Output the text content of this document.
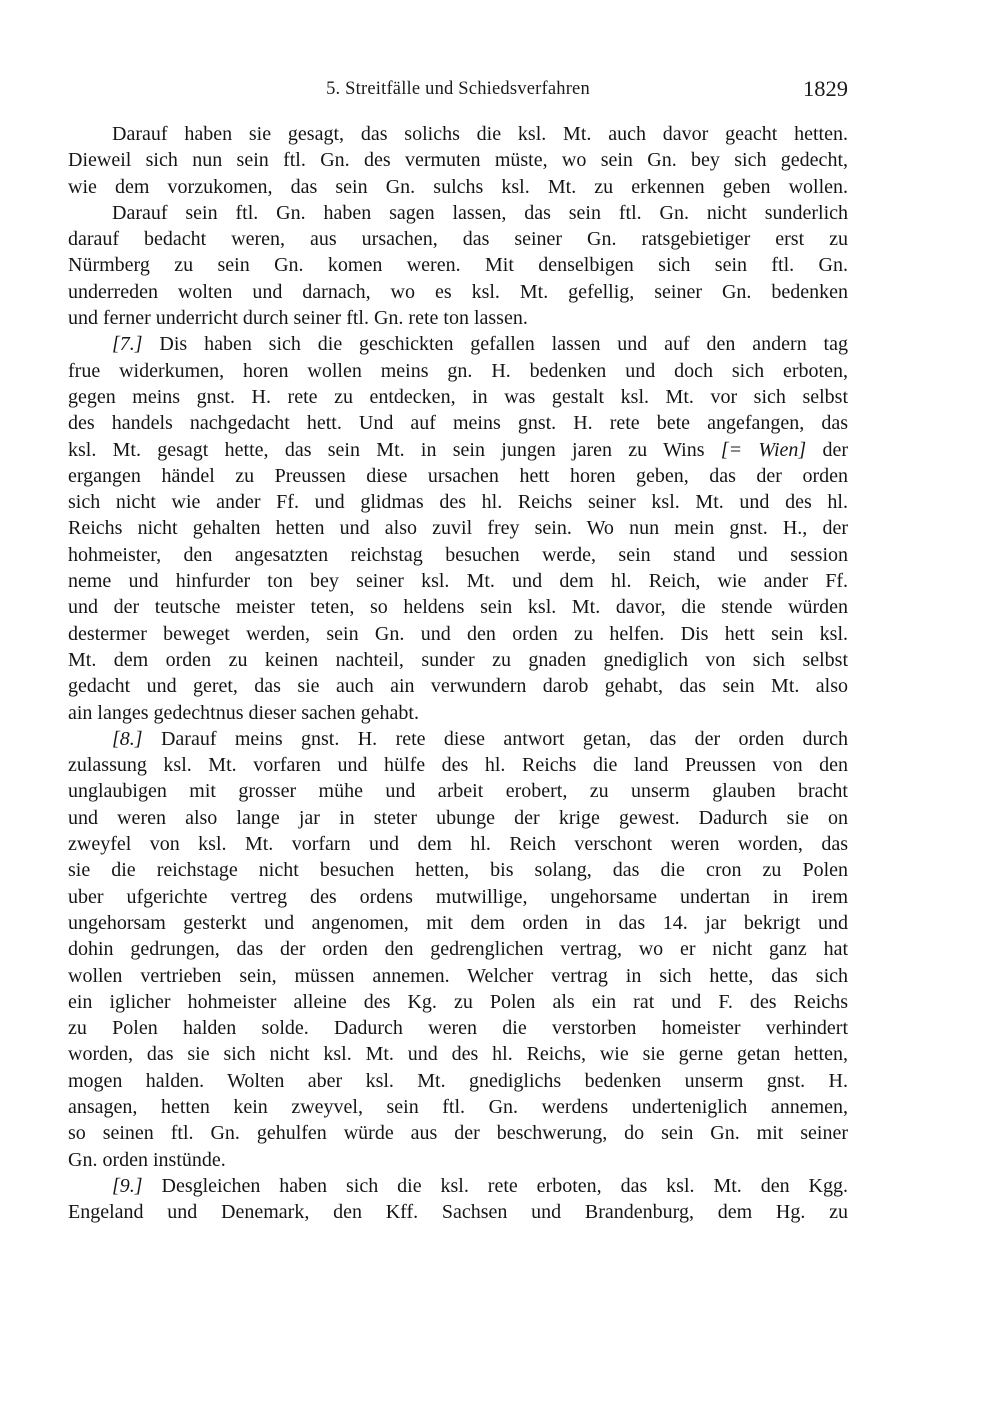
5. Streitfälle und Schiedsverfahren	1829
Darauf haben sie gesagt, das solichs die ksl. Mt. auch davor geacht hetten.
Dieweil sich nun sein ftl. Gn. des vermuten müste, wo sein Gn. bey sich gedecht,
wie dem vorzukomen, das sein Gn. sulchs ksl. Mt. zu erkennen geben wollen.
Darauf sein ftl. Gn. haben sagen lassen, das sein ftl. Gn. nicht sunderlich
darauf bedacht weren, aus ursachen, das seiner Gn. ratsgebietiger erst zu
Nürmberg zu sein Gn. komen weren. Mit denselbigen sich sein ftl. Gn.
underreden wolten und darnach, wo es ksl. Mt. gefellig, seiner Gn. bedenken
und ferner underricht durch seiner ftl. Gn. rete ton lassen.
[7.] Dis haben sich die geschickten gefallen lassen und auf den andern tag
frue widerkumen, horen wollen meins gn. H. bedenken und doch sich erboten,
gegen meins gnst. H. rete zu entdecken, in was gestalt ksl. Mt. vor sich selbst
des handels nachgedacht hett. Und auf meins gnst. H. rete bete angefangen, das
ksl. Mt. gesagt hette, das sein Mt. in sein jungen jaren zu Wins [= Wien] der
ergangen händel zu Preussen diese ursachen hett horen geben, das der orden
sich nicht wie ander Ff. und glidmas des hl. Reichs seiner ksl. Mt. und des hl.
Reichs nicht gehalten hetten und also zuvil frey sein. Wo nun mein gnst. H., der
hohmeister, den angesatzten reichstag besuchen werde, sein stand und session
neme und hinfurder ton bey seiner ksl. Mt. und dem hl. Reich, wie ander Ff.
und der teutsche meister teten, so heldens sein ksl. Mt. davor, die stende würden
destermer beweget werden, sein Gn. und den orden zu helfen. Dis hett sein ksl.
Mt. dem orden zu keinen nachteil, sunder zu gnaden gnediglich von sich selbst
gedacht und geret, das sie auch ain verwundern darob gehabt, das sein Mt. also
ain langes gedechtnus dieser sachen gehabt.
[8.] Darauf meins gnst. H. rete diese antwort getan, das der orden durch
zulassung ksl. Mt. vorfaren und hülfe des hl. Reichs die land Preussen von den
unglaubigen mit grosser mühe und arbeit erobert, zu unserm glauben bracht
und weren also lange jar in steter ubunge der krige gewest. Dadurch sie on
zweyfel von ksl. Mt. vorfarn und dem hl. Reich verschont weren worden, das
sie die reichstage nicht besuchen hetten, bis solang, das die cron zu Polen
uber ufgerichte vertreg des ordens mutwillige, ungehorsame undertan in irem
ungehorsam gesterkt und angenomen, mit dem orden in das 14. jar bekrigt und
dohin gedrungen, das der orden den gedrenglichen vertrag, wo er nicht ganz hat
wollen vertrieben sein, müssen annemen. Welcher vertrag in sich hette, das sich
ein iglicher hohmeister alleine des Kg. zu Polen als ein rat und F. des Reichs
zu Polen halden solde. Dadurch weren die verstorben homeister verhindert
worden, das sie sich nicht ksl. Mt. und des hl. Reichs, wie sie gerne getan hetten,
mogen halden. Wolten aber ksl. Mt. gnediglichs bedenken unserm gnst. H.
ansagen, hetten kein zweyvel, sein ftl. Gn. werdens underteniglich annemen,
so seinen ftl. Gn. gehulfen würde aus der beschwerung, do sein Gn. mit seiner
Gn. orden instünde.
[9.] Desgleichen haben sich die ksl. rete erboten, das ksl. Mt. den Kgg.
Engeland und Denemark, den Kff. Sachsen und Brandenburg, dem Hg. zu
